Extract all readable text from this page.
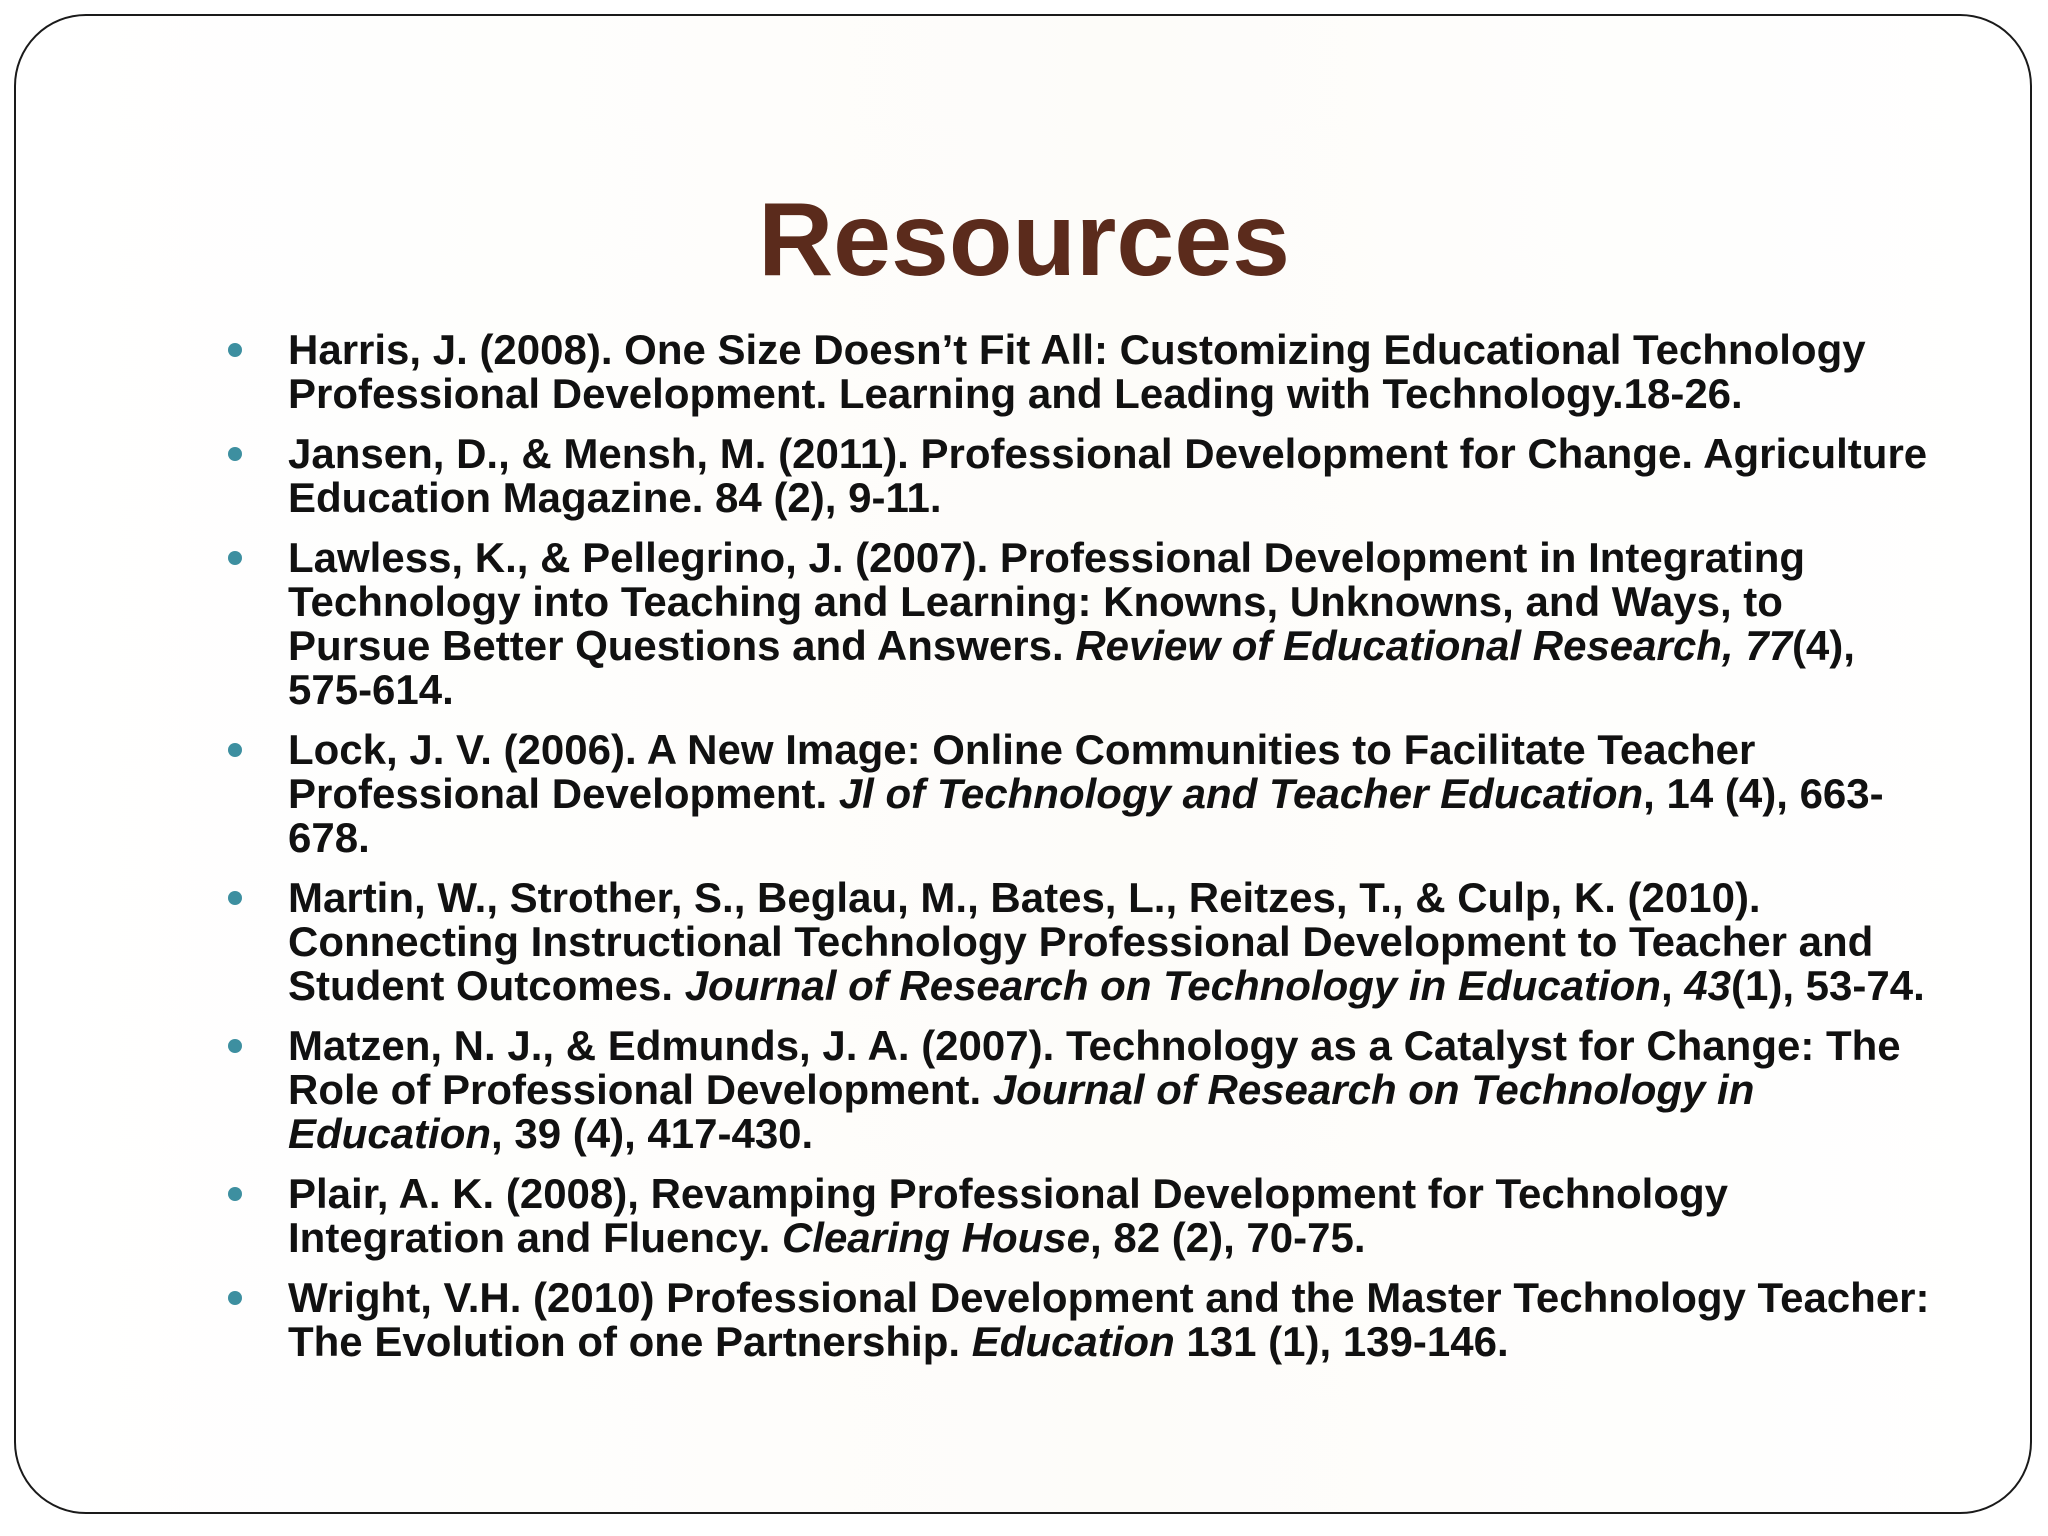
Resources
Harris, J. (2008). One Size Doesn’t Fit All: Customizing Educational Technology Professional Development. Learning and Leading with Technology.18-26.
Jansen, D., & Mensh, M. (2011). Professional Development for Change. Agriculture Education Magazine. 84 (2), 9-11.
Lawless, K., & Pellegrino, J. (2007). Professional Development in Integrating Technology into Teaching and Learning: Knowns, Unknowns, and Ways, to Pursue Better Questions and Answers. Review of Educational Research, 77(4), 575-614.
Lock, J. V. (2006). A New Image: Online Communities to Facilitate Teacher Professional Development. Jl of Technology and Teacher Education, 14 (4), 663-678.
Martin, W., Strother, S., Beglau, M., Bates, L., Reitzes, T., & Culp, K. (2010). Connecting Instructional Technology Professional Development to Teacher and Student Outcomes. Journal of Research on Technology in Education, 43(1), 53-74.
Matzen, N. J., & Edmunds, J. A. (2007). Technology as a Catalyst for Change: The Role of Professional Development. Journal of Research on Technology in Education, 39 (4), 417-430.
Plair, A. K. (2008), Revamping Professional Development for Technology Integration and Fluency. Clearing House, 82 (2), 70-75.
Wright, V.H. (2010) Professional Development and the Master Technology Teacher: The Evolution of one Partnership. Education 131 (1), 139-146.
